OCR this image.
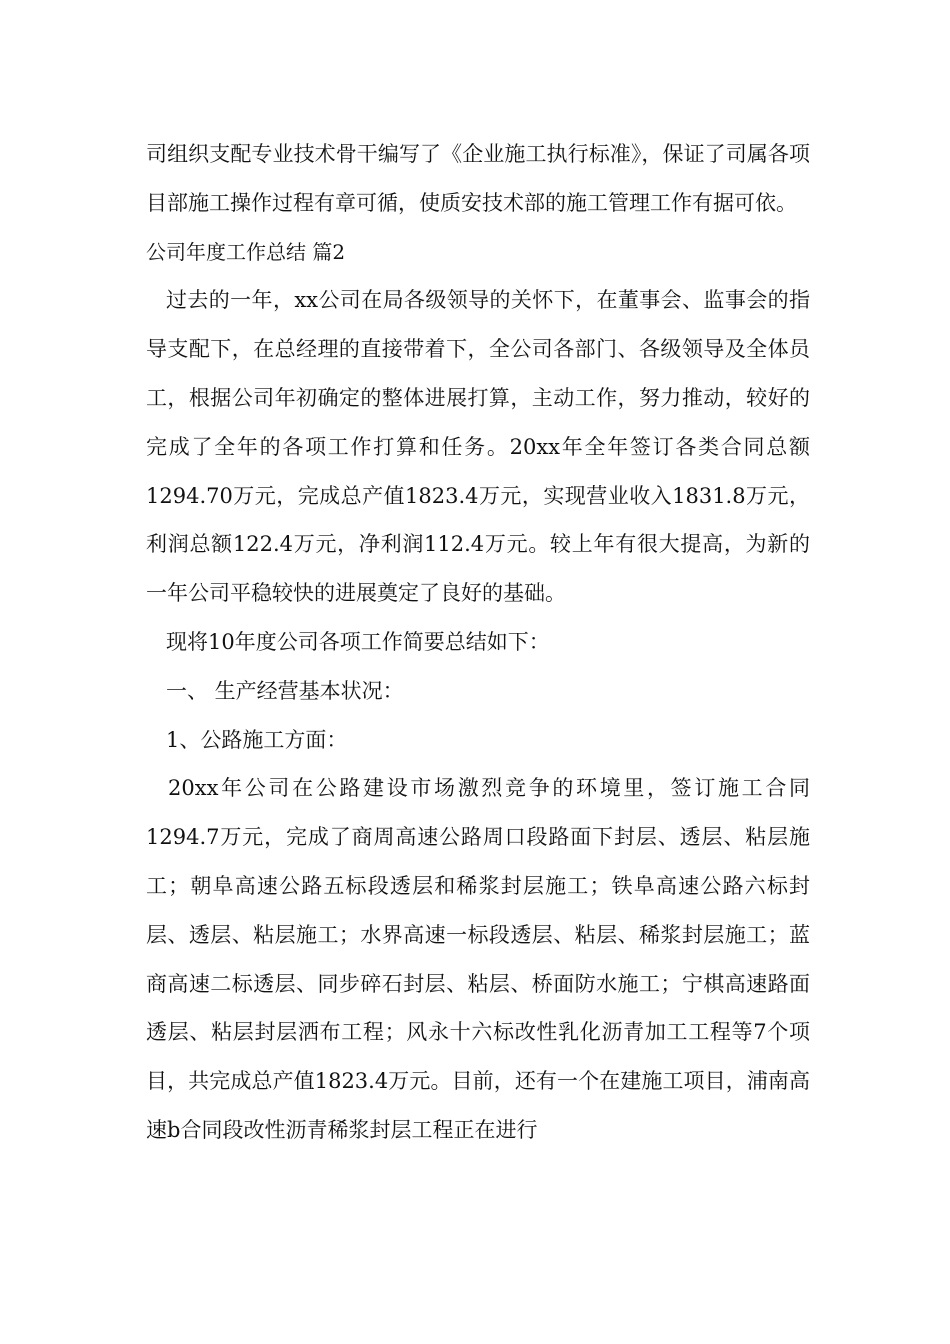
司组织支配专业技术骨干编写了《企业施工执行标准》，保证了司属各项目部施工操作过程有章可循，使质安技术部的施工管理工作有据可依。

公司年度工作总结 篇2

过去的一年，xx公司在局各级领导的关怀下，在董事会、监事会的指导支配下，在总经理的直接带着下，全公司各部门、各级领导及全体员工，根据公司年初确定的整体进展打算，主动工作，努力推动，较好的完成了全年的各项工作打算和任务。20xx年全年签订各类合同总额1294.70万元，完成总产值1823.4万元，实现营业收入1831.8万元，利润总额122.4万元，净利润112.4万元。较上年有很大提高，为新的一年公司平稳较快的进展奠定了良好的基础。

现将10年度公司各项工作简要总结如下：

一、 生产经营基本状况：

1、公路施工方面：

20xx年公司在公路建设市场激烈竞争的环境里，签订施工合同1294.7万元，完成了商周高速公路周口段路面下封层、透层、粘层施工；朝阜高速公路五标段透层和稀浆封层施工；铁阜高速公路六标封层、透层、粘层施工；水界高速一标段透层、粘层、稀浆封层施工；蓝商高速二标透层、同步碎石封层、粘层、桥面防水施工；宁棋高速路面透层、粘层封层洒布工程；风永十六标改性乳化沥青加工工程等7个项目，共完成总产值1823.4万元。目前，还有一个在建施工项目，浦南高速b合同段改性沥青稀浆封层工程正在进行
